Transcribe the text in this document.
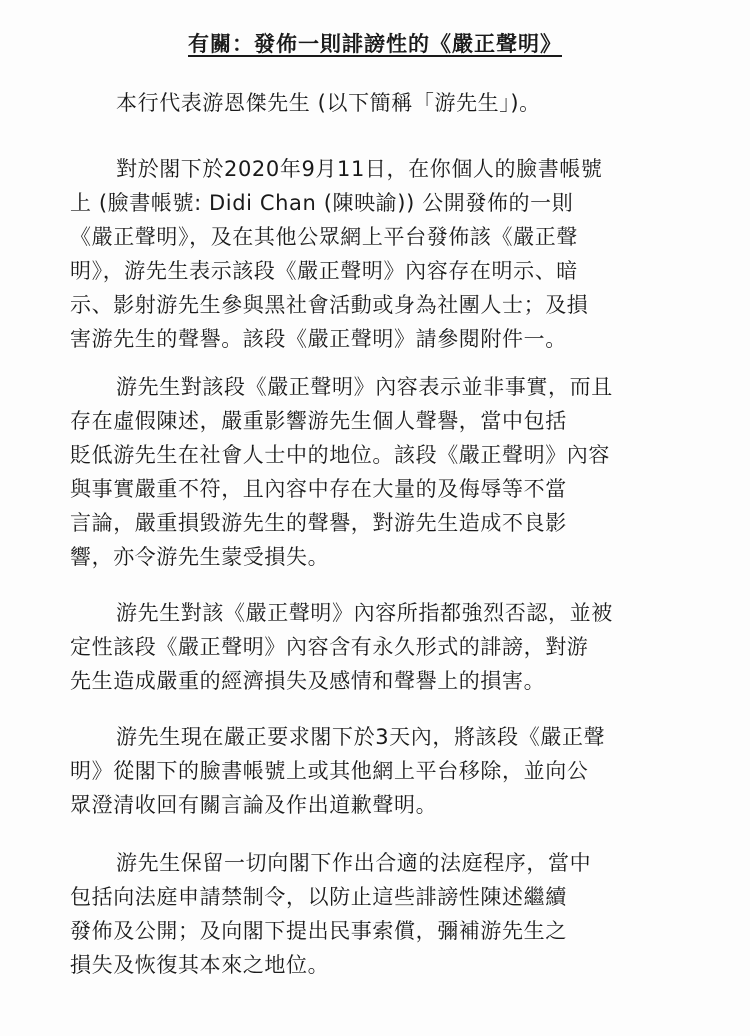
有關：發佈一則誹謗性的《嚴正聲明》
本行代表游恩傑先生 (以下簡稱「游先生」)。
對於閣下於2020年9月11日，在你個人的臉書帳號
上 (臉書帳號: Didi Chan (陳映諭)) 公開發佈的一則
《嚴正聲明》，及在其他公眾網上平台發佈該《嚴正聲
明》，游先生表示該段《嚴正聲明》內容存在明示、暗
示、影射游先生參與黑社會活動或身為社團人士；及損
害游先生的聲譽。該段《嚴正聲明》請參閱附件一。
游先生對該段《嚴正聲明》內容表示並非事實，而且
存在虛假陳述，嚴重影響游先生個人聲譽，當中包括
貶低游先生在社會人士中的地位。該段《嚴正聲明》內容
與事實嚴重不符，且內容中存在大量的及侮辱等不當
言論，嚴重損毀游先生的聲譽，對游先生造成不良影
響，亦令游先生蒙受損失。
游先生對該《嚴正聲明》內容所指都強烈否認，並被
定性該段《嚴正聲明》內容含有永久形式的誹謗，對游
先生造成嚴重的經濟損失及感情和聲譽上的損害。
游先生現在嚴正要求閣下於3天內，將該段《嚴正聲
明》從閣下的臉書帳號上或其他網上平台移除，並向公
眾澄清收回有關言論及作出道歉聲明。
游先生保留一切向閣下作出合適的法庭程序，當中
包括向法庭申請禁制令，以防止這些誹謗性陳述繼續
發佈及公開；及向閣下提出民事索償，彌補游先生之
損失及恢復其本來之地位。
